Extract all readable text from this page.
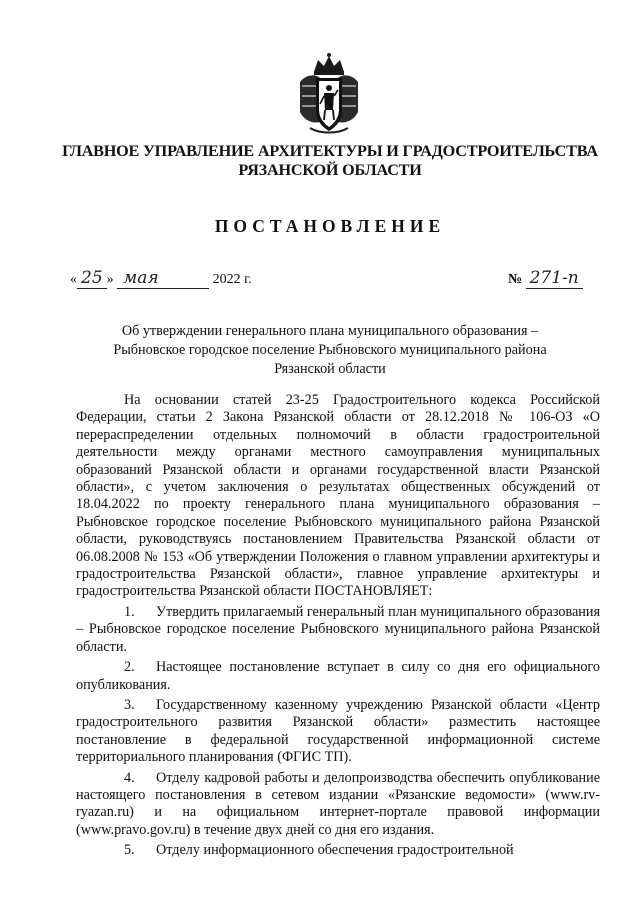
ГЛАВНОЕ УПРАВЛЕНИЕ АРХИТЕКТУРЫ И ГРАДОСТРОИТЕЛЬСТВА
РЯЗАНСКОЙ ОБЛАСТИ
ПОСТАНОВЛЕНИЕ
« 25 » мая	2022 г.	№ 271-п
Об утверждении генерального плана муниципального образования –
Рыбновское городское поселение Рыбновского муниципального района
Рязанской области

На основании статей 23-25 Градостроительного кодекса Российской Федерации, статьи 2 Закона Рязанской области от 28.12.2018 № 106-ОЗ «О перераспределении отдельных полномочий в области градостроительной деятельности между органами местного самоуправления муниципальных образований Рязанской области и органами государственной власти Рязанской области», с учетом заключения о результатах общественных обсуждений от 18.04.2022 по проекту генерального плана муниципального образования – Рыбновское городское поселение Рыбновского муниципального района Рязанской области, руководствуясь постановлением Правительства Рязанской области от 06.08.2008 № 153 «Об утверждении Положения о главном управлении архитектуры и градостроительства Рязанской области», главное управление архитектуры и градостроительства Рязанской области ПОСТАНОВЛЯЕТ:

1. Утвердить прилагаемый генеральный план муниципального образования – Рыбновское городское поселение Рыбновского муниципального района Рязанской области.

2. Настоящее постановление вступает в силу со дня его официального опубликования.

3. Государственному казенному учреждению Рязанской области «Центр градостроительного развития Рязанской области» разместить настоящее постановление в федеральной государственной информационной системе территориального планирования (ФГИС ТП).

4. Отделу кадровой работы и делопроизводства обеспечить опубликование настоящего постановления в сетевом издании «Рязанские ведомости» (www.rv-ryazan.ru) и на официальном интернет-портале правовой информации (www.pravo.gov.ru) в течение двух дней со дня его издания.

5. Отделу информационного обеспечения градостроительной
